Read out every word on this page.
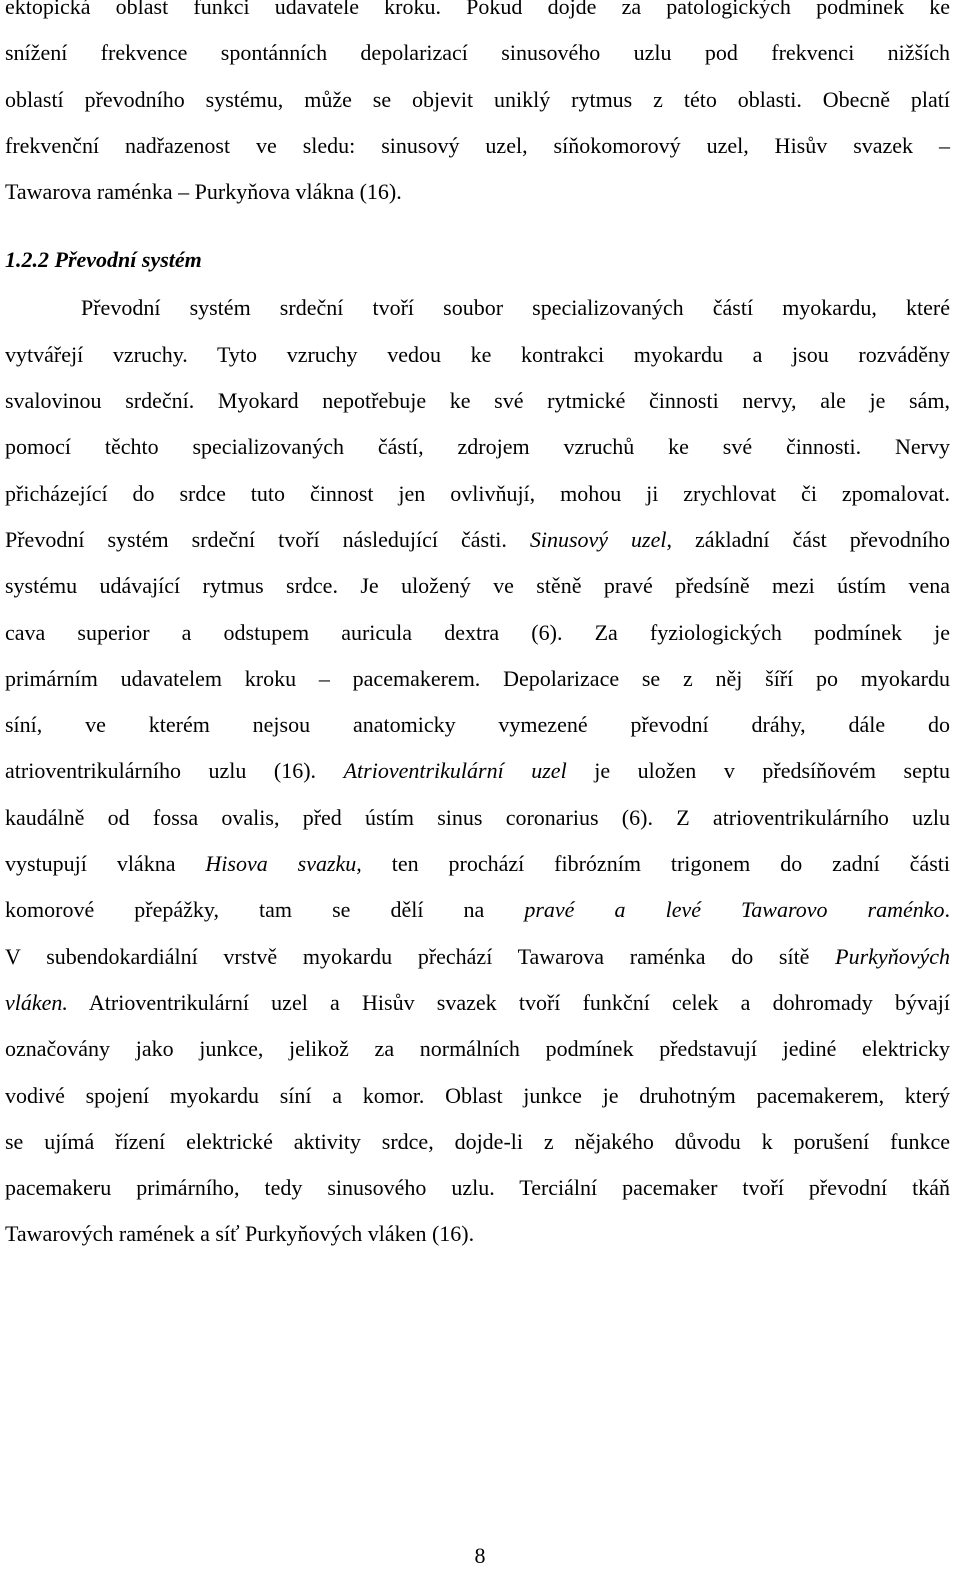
ektopická oblast funkci udavatele kroku. Pokud dojde za patologických podmínek ke
snížení frekvence spontánních depolarizací sinusového uzlu pod frekvenci nižších
oblastí převodního systému, může se objevit uniklý rytmus z této oblasti. Obecně platí
frekvenční nadřazenost ve sledu: sinusový uzel, síňokomorový uzel, Hisův svazek –
Tawarova raménka – Purkyňova vlákna (16).
1.2.2 Převodní systém
Převodní systém srdeční tvoří soubor specializovaných částí myokardu, které
vytvářejí vzruchy. Tyto vzruchy vedou ke kontrakci myokardu a jsou rozváděny
svalovinou srdeční. Myokard nepotřebuje ke své rytmické činnosti nervy, ale je sám,
pomocí těchto specializovaných částí, zdrojem vzruchů ke své činnosti. Nervy
přicházející do srdce tuto činnost jen ovlivňují, mohou ji zrychlovat či zpomalovat.
Převodní systém srdeční tvoří následující části. Sinusový uzel, základní část převodního
systému udávající rytmus srdce. Je uložený ve stěně pravé předsíně mezi ústím vena
cava superior a odstupem auricula dextra (6). Za fyziologických podmínek je
primárním udavatelem kroku – pacemakerem. Depolarizace se z něj šíří po myokardu
síní, ve kterém nejsou anatomicky vymezené převodní dráhy, dále do
atrioventrikulárního uzlu (16). Atrioventrikulární uzel je uložen v předsíňovém septu
kaudálně od fossa ovalis, před ústím sinus coronarius (6). Z atrioventrikulárního uzlu
vystupují vlákna Hisova svazku, ten prochází fibrózním trigonem do zadní části
komorové přepážky, tam se dělí na pravé a levé Tawarovo raménko.
V subendokardiální vrstvě myokardu přechází Tawarova raménka do sítě Purkyňových
vláken. Atrioventrikulární uzel a Hisův svazek tvoří funkční celek a dohromady bývají
označovány jako junkce, jelikož za normálních podmínek představují jediné elektricky
vodivé spojení myokardu síní a komor. Oblast junkce je druhotným pacemakerem, který
se ujímá řízení elektrické aktivity srdce, dojde-li z nějakého důvodu k porušení funkce
pacemakeru primárního, tedy sinusového uzlu. Terciální pacemaker tvoří převodní tkáň
Tawarových ramének a síť Purkyňových vláken (16).
8
